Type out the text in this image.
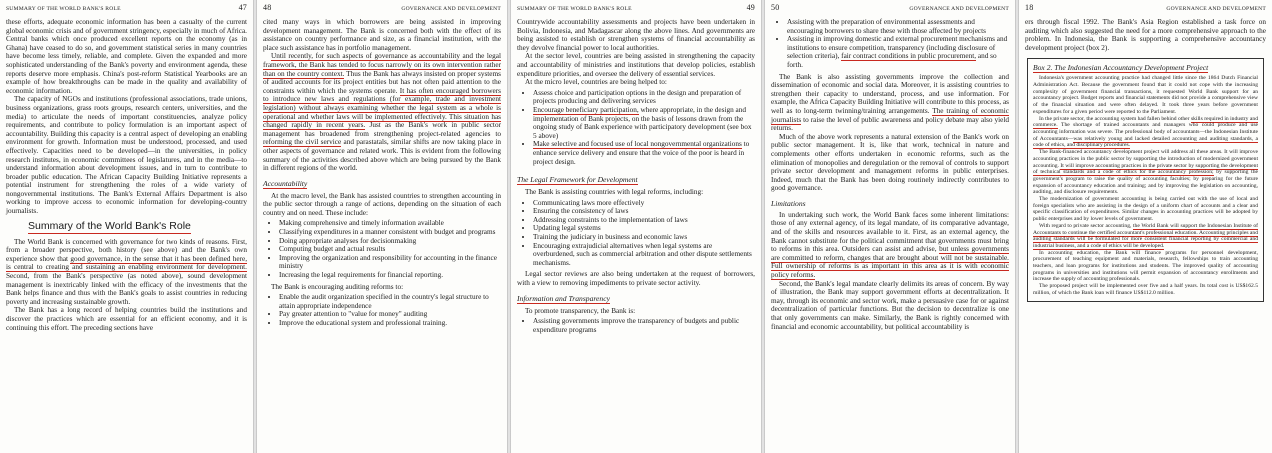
SUMMARY OF THE WORLD BANK'S ROLE	47

these efforts, adequate economic information has been a casualty of the current global economic crisis and of government stringency, especially in much of Africa. Central banks which once produced excellent reports on the economy (as in Ghana) have ceased to do so, and government statistical series in many countries have become less timely, reliable, and complete. Given the expanded and more sophisticated understanding of the Bank's poverty and environment agenda, these reports deserve more emphasis. China's post-reform Statistical Yearbooks are an example of how breakthroughs can be made in the quality and availability of economic information.

The capacity of NGOs and institutions (professional associations, trade unions, business organizations, grass roots groups, research centers, universities, and the media) to articulate the needs of important constituencies, analyze policy requirements, and contribute to policy formulation is an important aspect of accountability. Building this capacity is a central aspect of developing an enabling environment for growth. Information must be understood, processed, and used effectively. Capacities need to be developed—in the universities, in policy research institutes, in economic committees of legislatures, and in the media—to understand information about development issues, and in turn to contribute to broader public education. The African Capacity Building Initiative represents a potential instrument for strengthening the roles of a wide variety of nongovernmental institutions. The Bank's External Affairs Department is also working to improve access to economic information for developing-country journalists.

Summary of the World Bank's Role

The World Bank is concerned with governance for two kinds of reasons. First, from a broader perspective, both history (see above) and the Bank's own experience show that good governance, in the sense that it has been defined here, is central to creating and sustaining an enabling environment for development. Second, from the Bank's perspective (as noted above), sound development management is inextricably linked with the efficacy of the investments that the Bank helps finance and thus with the Bank's goals to assist countries in reducing poverty and increasing sustainable growth.

The Bank has a long record of helping countries build the institutions and discover the practices which are essential for an efficient economy, and it is continuing this effort. The preceding sections have

48	GOVERNANCE AND DEVELOPMENT

cited many ways in which borrowers are being assisted in improving development management. The Bank is concerned both with the effect of its assistance on country performance and size, as a financial institution, with the place such assistance has in portfolio management.

Until recently, for such aspects of governance as accountability and the legal framework, the Bank has tended to focus narrowly on its own intervention rather than on the country context. Thus the Bank has always insisted on proper systems of audited accounts for its project entities but has not often paid attention to the constraints within which the systems operate. It has often encouraged borrowers to introduce new laws and regulations (for example, trade and investment legislation) without always examining whether the legal system as a whole is operational and whether laws will be implemented effectively. This situation has changed rapidly in recent years. Just as the Bank's work in public sector management has broadened from strengthening project-related agencies to reforming the civil service and parastatals, similar shifts are now taking place in other aspects of governance and related work. This is evident from the following summary of the activities described above which are being pursued by the Bank in different regions of the world.

Accountability

At the macro level, the Bank has assisted countries to strengthen accounting in the public sector through a range of actions, depending on the situation of each country and on need. These include:

• Making comprehensive and timely information available
• Classifying expenditures in a manner consistent with budget and programs
• Doing appropriate analyses for decisionmaking
• Computing budget and actual results
• Improving the organization and responsibility for accounting in the finance ministry
• Increasing the legal requirements for financial reporting.

The Bank is encouraging auditing reforms to:

• Enable the audit organization specified in the country's legal structure to attain appropriate independence
• Pay greater attention to "value for money" auditing
• Improve the educational system and professional training.
SUMMARY OF THE WORLD BANK'S ROLE	49

Countrywide accountability assessments and projects have been undertaken in Bolivia, Indonesia, and Madagascar along the above lines. And governments are being assisted to establish or strengthen systems of financial accountability as they devolve financial power to local authorities.

At the sector level, countries are being assisted in strengthening the capacity and accountability of ministries and institutions that develop policies, establish expenditure priorities, and oversee the delivery of essential services.

At the micro level, countries are being helped to:

• Assess choice and participation options in the design and preparation of projects producing and delivering services
• Encourage beneficiary participation, where appropriate, in the design and implementation of Bank projects, on the basis of lessons drawn from the ongoing study of Bank experience with participatory development (see box 5 above)
• Make selective and focused use of local nongovernmental organizations to enhance service delivery and ensure that the voice of the poor is heard in project design.
The Legal Framework for Development

The Bank is assisting countries with legal reforms, including:

• Communicating laws more effectively
• Ensuring the consistency of laws
• Addressing constraints to the implementation of laws
• Updating legal systems
• Training the judiciary in business and economic laws
• Encouraging extrajudicial alternatives when legal systems are overburdened, such as commercial arbitration and other dispute settlements mechanisms.

Legal sector reviews are also being undertaken at the request of borrowers, with a view to removing impediments to private sector activity.

Information and Transparency

To promote transparency, the Bank is:

• Assisting governments improve the transparency of budgets and public expenditure programs
50	GOVERNANCE AND DEVELOPMENT
• Assisting with the preparation of environmental assessments and encouraging borrowers to share these with those affected by projects
• Assisting in improving domestic and external procurement mechanisms and institutions to ensure competition, transparency (including disclosure of selection criteria), fair contract conditions in public procurement, and so forth.

The Bank is also assisting governments improve the collection and dissemination of economic and social data. Moreover, it is assisting countries to strengthen their capacity to understand, process, and use information. For example, the Africa Capacity Building Initiative will contribute to this process, as well as to long-term twinning/training arrangements. The training of economic journalists to raise the level of public awareness and policy debate may also yield returns.

Much of the above work represents a natural extension of the Bank's work on public sector management. It is, like that work, technical in nature and complements other efforts undertaken in economic reforms, such as the elimination of monopolies and deregulation or the removal of controls to support private sector development and management reforms in public enterprises. Indeed, much that the Bank has been doing routinely indirectly contributes to good governance.

Limitations

In undertaking such work, the World Bank faces some inherent limitations: those of any external agency, of its legal mandate, of its comparative advantage, and of the skills and resources available to it. First, as an external agency, the Bank cannot substitute for the political commitment that governments must bring to reforms in this area. Outsiders can assist and advise, but unless governments are committed to reform, changes that are brought about will not be sustainable. Full ownership of reforms is as important in this area as it is with economic policy reforms.

Second, the Bank's legal mandate clearly delimits its areas of concern. By way of illustration, the Bank may support government efforts at decentralization. It may, through its economic and sector work, make a persuasive case for or against decentralization of particular functions. But the decision to decentralize is one that only governments can make. Similarly, the Bank is rightly concerned with financial and economic accountability, but political accountability is

18	GOVERNANCE AND DEVELOPMENT

ers through fiscal 1992. The Bank's Asia Region established a task force on auditing which also suggested the need for a more comprehensive approach to the problem. In Indonesia, the Bank is supporting a comprehensive accountancy development project (box 2).

Box 2. The Indonesian Accountancy Development Project

Indonesia's government accounting practice had changed little since the 1864 Dutch Financial Administration Act. Because the government found that it could not cope with the increasing complexity of government financial transactions, it requested World Bank support for an accountancy project. Budget reports and financial statements did not provide a comprehensive view of the financial situation and were often delayed. It took three years before government expenditures for a given period were reported to the Parliament.

In the private sector, the accounting system had fallen behind other skills required in industry and commerce. The shortage of trained accountants and managers who could produce and use accounting information was severe. The professional body of accountants—the Indonesian Institute of Accountants—was relatively young and lacked detailed accounting and auditing standards, a code of ethics, and disciplinary procedures.

The Bank-financed accountancy development project will address all these areas. It will improve accounting practices in the public sector by supporting the introduction of modernized government accounting. It will improve accounting practices in the private sector by supporting the development of technical standards and a code of ethics for the accountancy profession; by supporting the government's program to raise the quality of accounting faculties; by preparing for the future expansion of accountancy education and training; and by improving the legislation on accounting, auditing, and disclosure requirements.

The modernization of government accounting is being carried out with the use of local and foreign specialists who are assisting in the design of a uniform chart of accounts and a clear and specific classification of expenditures. Similar changes in accounting practices will be adopted by public enterprises and by lower levels of government.

With regard to private sector accounting, the World Bank will support the Indonesian Institute of Accountants to continue the certified accountant's professional education. Accounting principles and auditing standards will be formulated for more consistent financial reporting by commercial and industrial business, and a code of ethics will be developed.

In accounting education, the Bank will finance programs for personnel development, procurement of teaching equipment and materials, research, fellowships to train accounting teachers, and loan programs for institutions and students. The improved quality of accounting programs in universities and institutions will permit expansion of accountancy enrollments and increase the supply of accounting professionals.

The proposed project will be implemented over five and a half years. Its total cost is US$162.5 million, of which the Bank loan will finance US$112.0 million.
